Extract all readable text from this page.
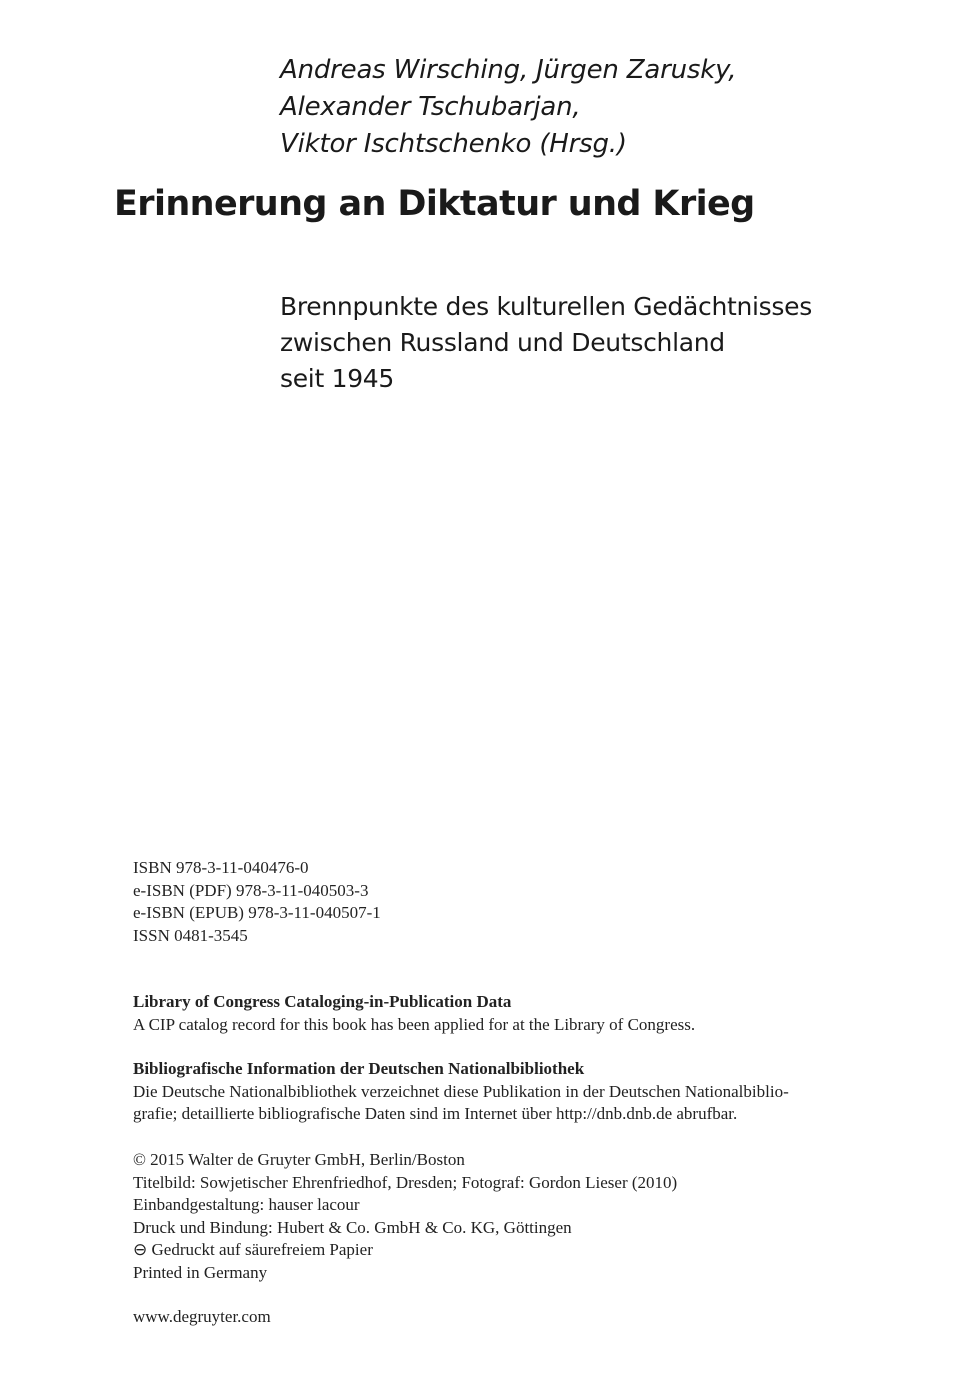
Andreas Wirsching, Jürgen Zarusky,
Alexander Tschubarjan,
Viktor Ischtschenko (Hrsg.)
Erinnerung an Diktatur und Krieg
Brennpunkte des kulturellen Gedächtnisses
zwischen Russland und Deutschland
seit 1945
ISBN 978-3-11-040476-0
e-ISBN (PDF) 978-3-11-040503-3
e-ISBN (EPUB) 978-3-11-040507-1
ISSN 0481-3545
Library of Congress Cataloging-in-Publication Data
A CIP catalog record for this book has been applied for at the Library of Congress.
Bibliografische Information der Deutschen Nationalbibliothek
Die Deutsche Nationalbibliothek verzeichnet diese Publikation in der Deutschen Nationalbiblio-
grafie; detaillierte bibliografische Daten sind im Internet über http://dnb.dnb.de abrufbar.
© 2015 Walter de Gruyter GmbH, Berlin/Boston
Titelbild: Sowjetischer Ehrenfriedhof, Dresden; Fotograf: Gordon Lieser (2010)
Einbandgestaltung: hauser lacour
Druck und Bindung: Hubert & Co. GmbH & Co. KG, Göttingen
⊖ Gedruckt auf säurefreiem Papier
Printed in Germany
www.degruyter.com
